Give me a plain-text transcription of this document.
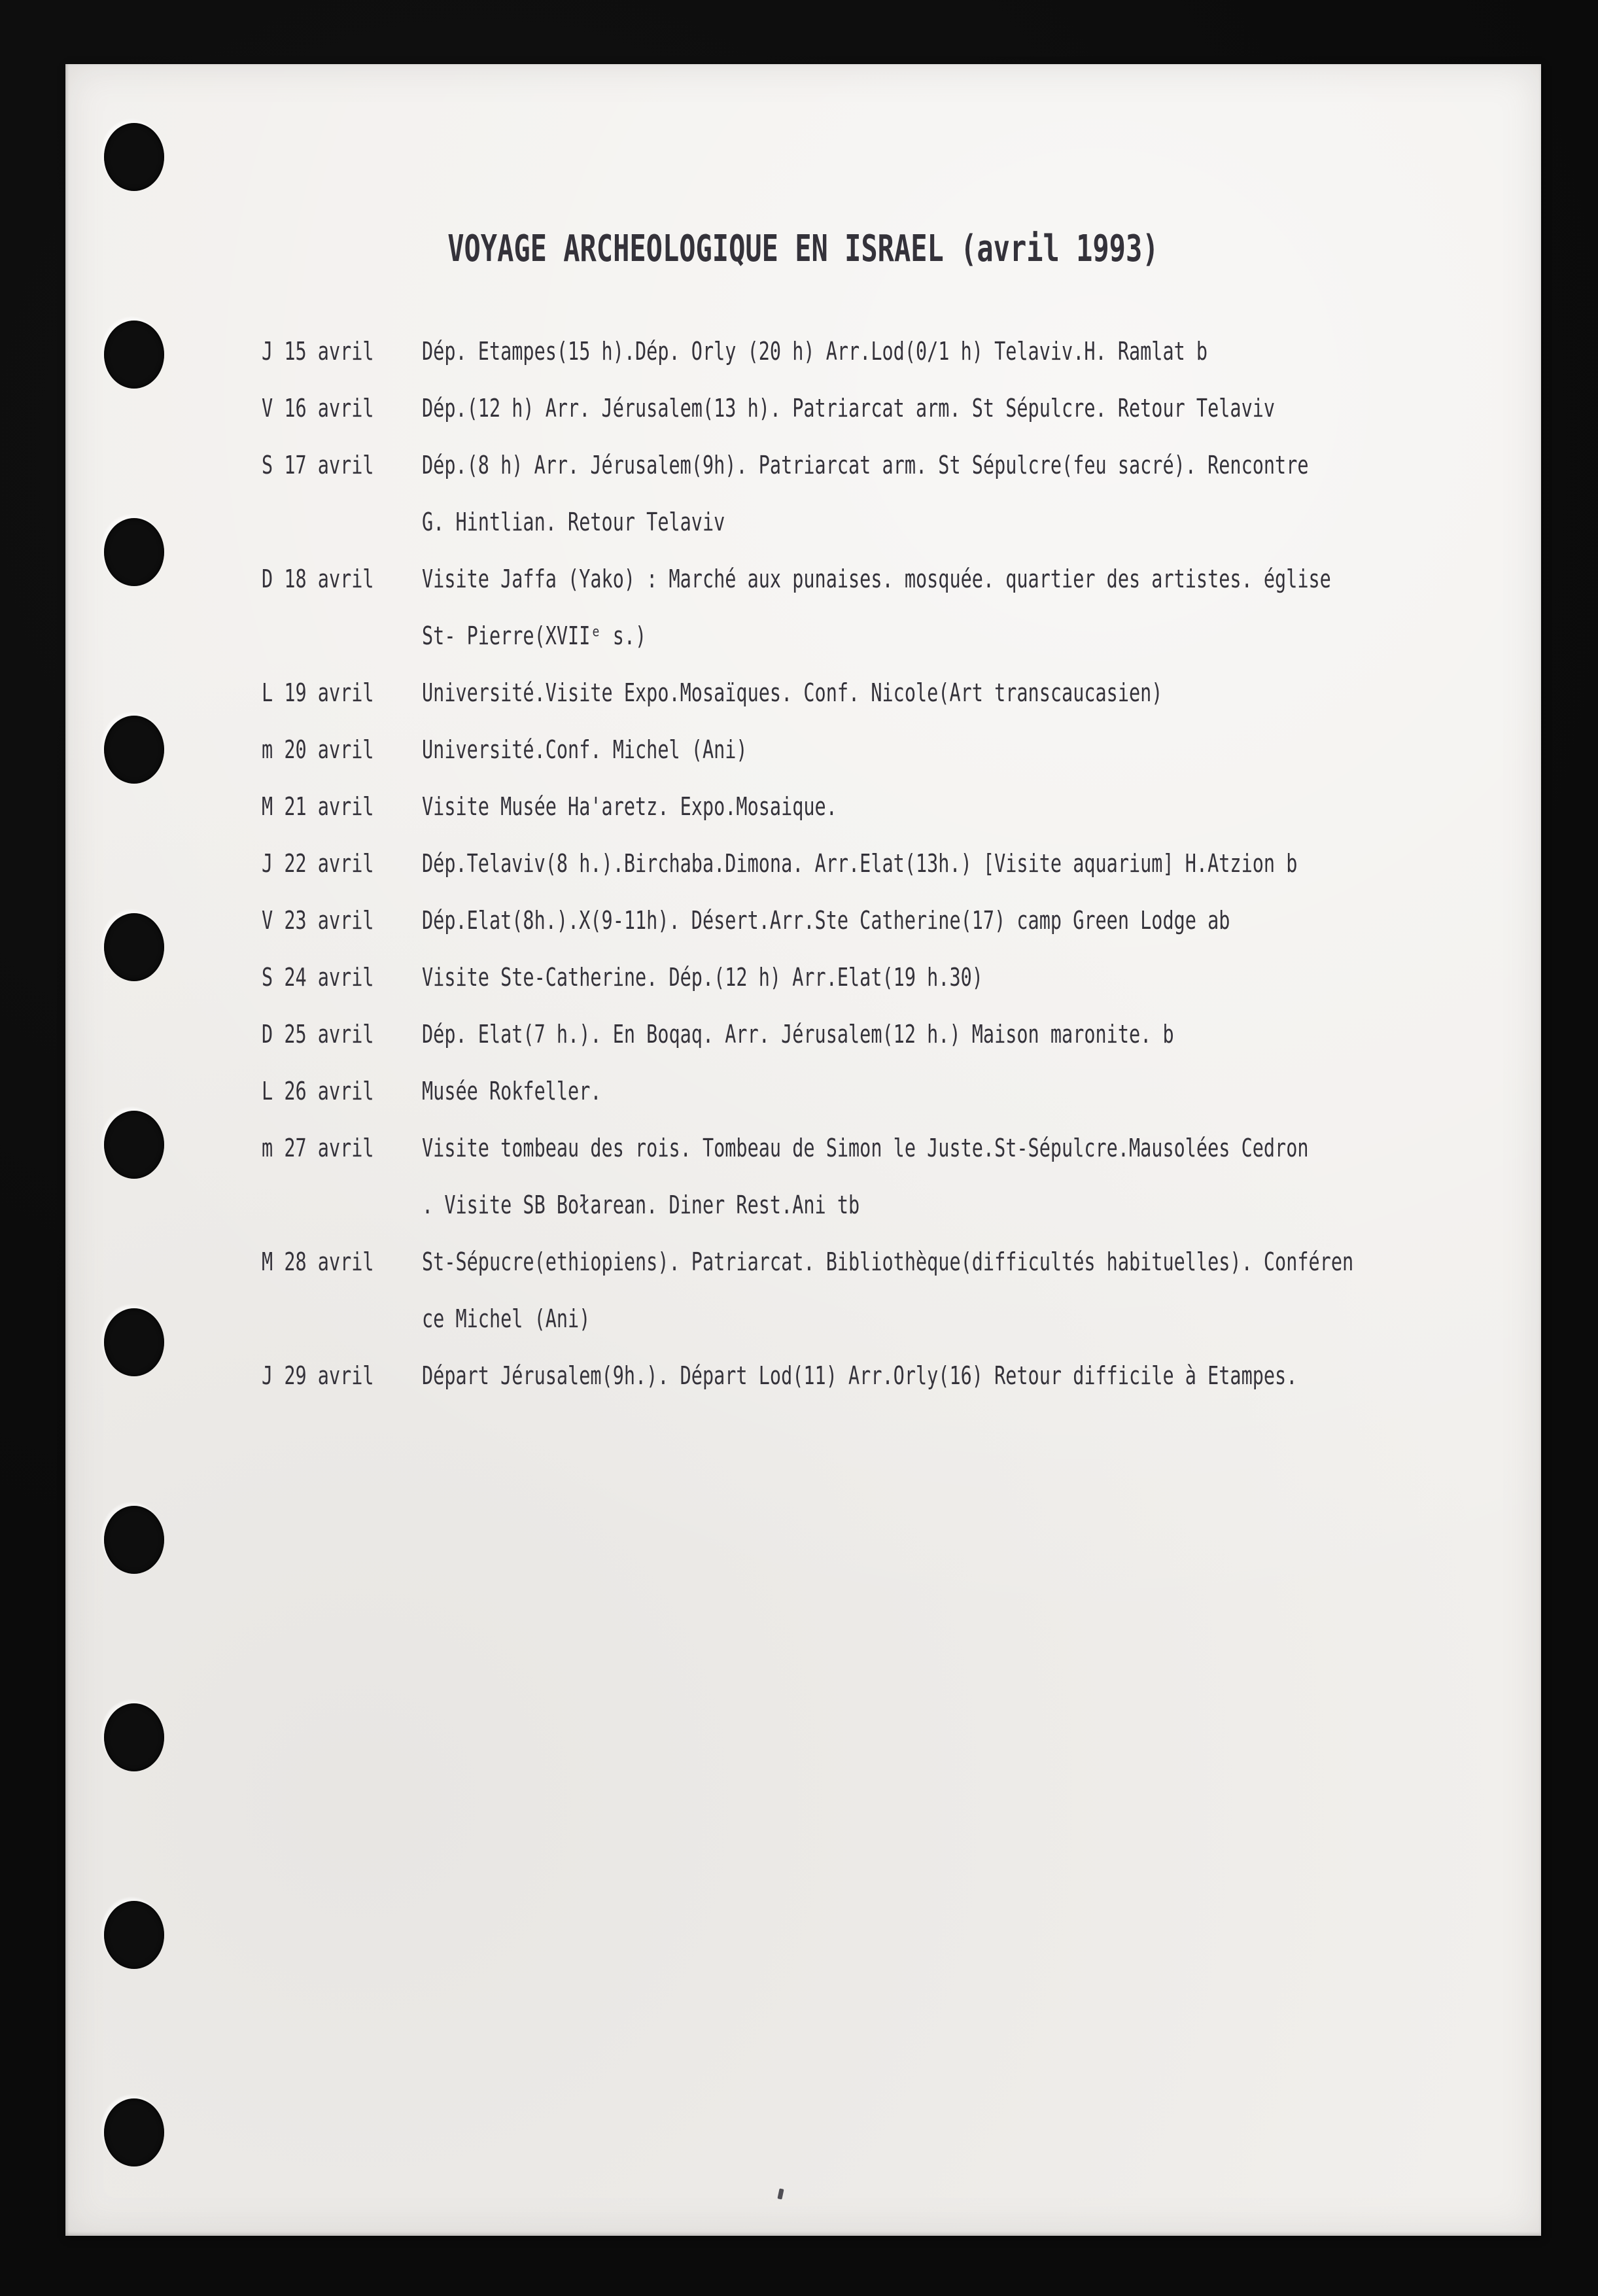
VOYAGE ARCHEOLOGIQUE EN ISRAEL (avril 1993)
J 15 avril	Dép. Etampes(15 h).Dép. Orly (20 h) Arr.Lod(0/1 h) Telaviv.H. Ramlat b
V 16 avril	Dép.(12 h) Arr. Jérusalem(13 h). Patriarcat arm. St Sépulcre. Retour Telaviv
S 17 avril	Dép.(8 h) Arr. Jérusalem(9h). Patriarcat arm. St Sépulcre(feu sacré). Rencontre
G. Hintlian. Retour Telaviv
D 18 avril	Visite Jaffa (Yako) : Marché aux punaises. mosquée. quartier des artistes. église
St- Pierre(XVIIᵉ s.)
L 19 avril	Université.Visite Expo.Mosaïques. Conf. Nicole(Art transcaucasien)
m 20 avril	Université.Conf. Michel (Ani)
M 21 avril	Visite Musée Ha'aretz. Expo.Mosaique.
J 22 avril	Dép.Telaviv(8 h.).Birchaba.Dimona. Arr.Elat(13h.) [Visite aquarium] H.Atzion b
V 23 avril	Dép.Elat(8h.).X(9-11h). Désert.Arr.Ste Catherine(17) camp Green Lodge ab
S 24 avril	Visite Ste-Catherine. Dép.(12 h) Arr.Elat(19 h.30)
D 25 avril	Dép. Elat(7 h.). En Boqaq. Arr. Jérusalem(12 h.) Maison maronite. b
L 26 avril	Musée Rokfeller.
m 27 avril	Visite tombeau des rois. Tombeau de Simon le Juste.St-Sépulcre.Mausolées Cedron
. Visite SB Bołarean. Diner Rest.Ani tb
M 28 avril	St-Sépucre(ethiopiens). Patriarcat. Bibliothèque(difficultés habituelles). Conféren
ce Michel (Ani)
J 29 avril	Départ Jérusalem(9h.). Départ Lod(11) Arr.Orly(16) Retour difficile à Etampes.
